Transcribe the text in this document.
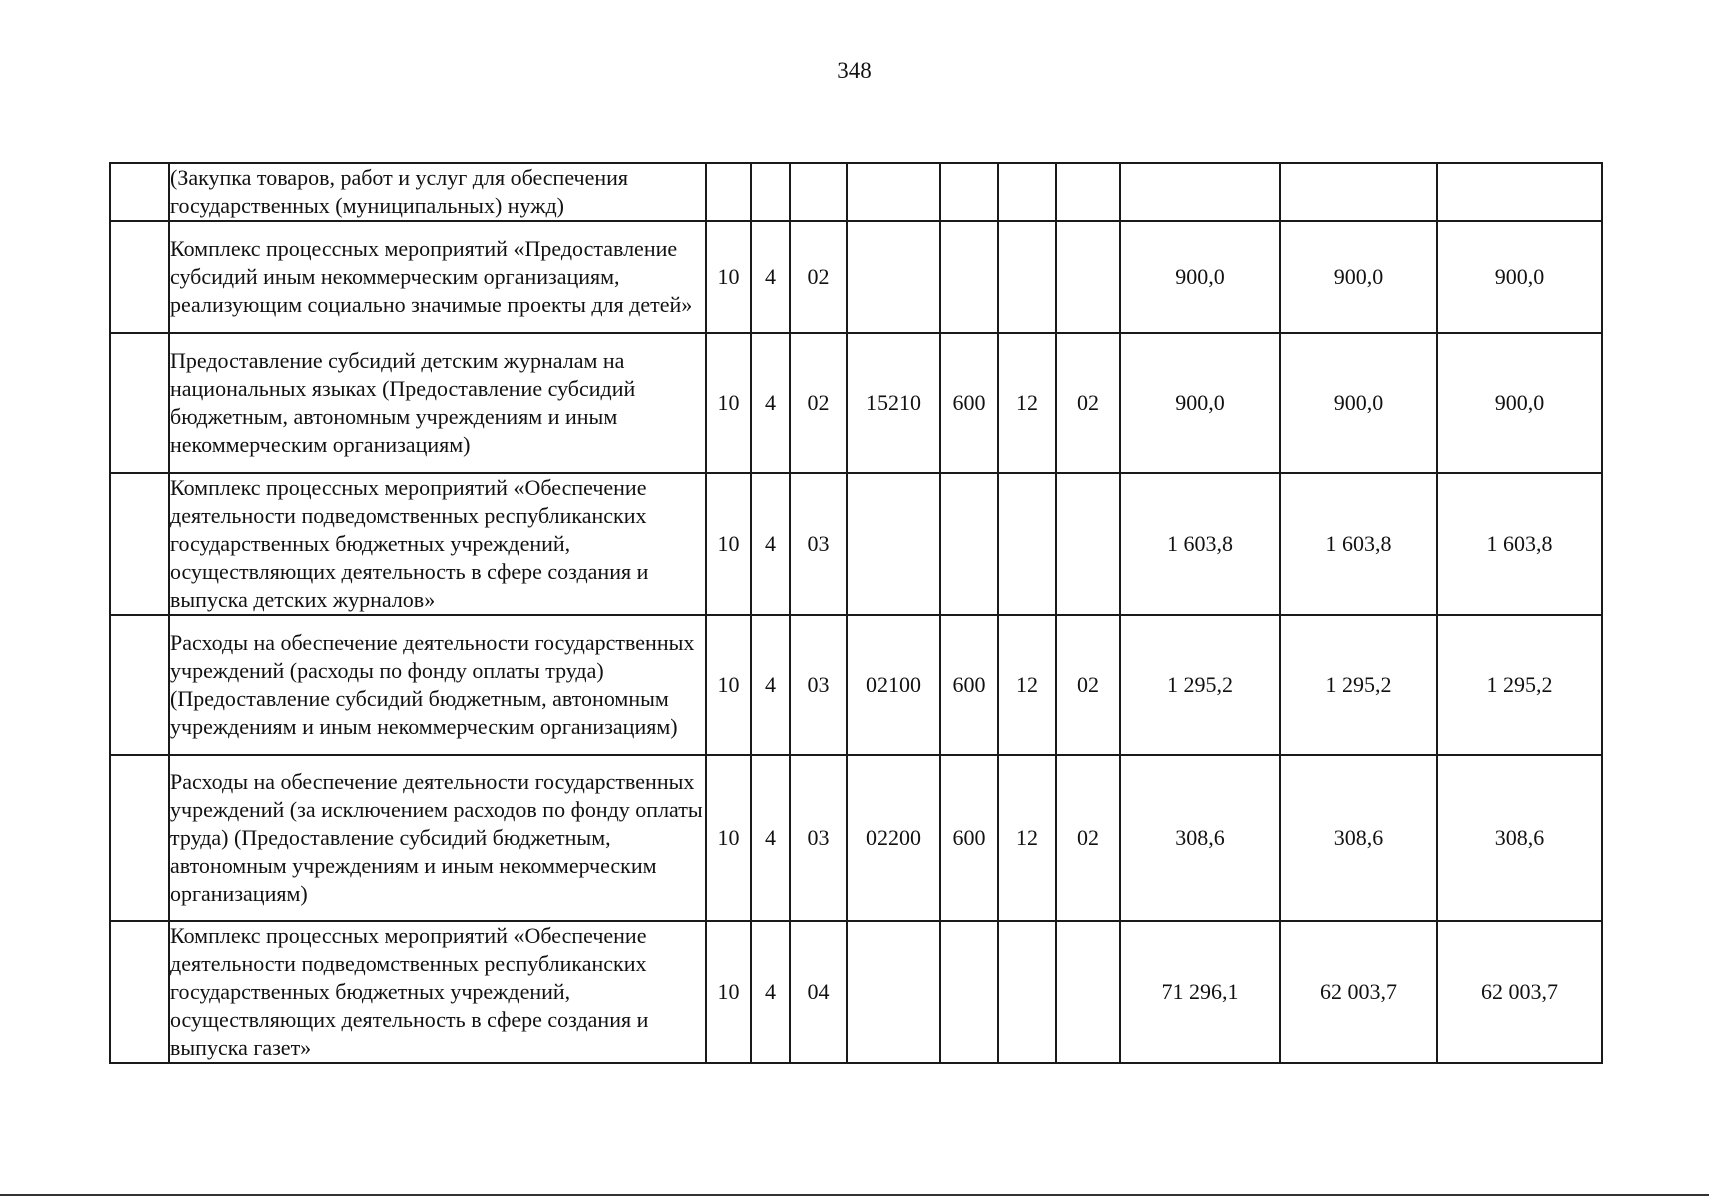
348
	(Закупка товаров, работ и услуг для обеспечения государственных (муниципальных) нужд)										
	Комплекс процессных мероприятий «Предоставление субсидий иным некоммерческим организациям, реализующим социально значимые проекты для детей»	10	4	02					900,0	900,0	900,0
	Предоставление субсидий детским журналам на национальных языках (Предоставление субсидий бюджетным, автономным учреждениям и иным некоммерческим организациям)	10	4	02	15210	600	12	02	900,0	900,0	900,0
	Комплекс процессных мероприятий «Обеспечение деятельности подведомственных республиканских государственных бюджетных учреждений, осуществляющих деятельность в сфере создания и выпуска детских журналов»	10	4	03					1 603,8	1 603,8	1 603,8
	Расходы на обеспечение деятельности государственных учреждений (расходы по фонду оплаты труда) (Предоставление субсидий бюджетным, автономным учреждениям и иным некоммерческим организациям)	10	4	03	02100	600	12	02	1 295,2	1 295,2	1 295,2
	Расходы на обеспечение деятельности государственных учреждений (за исключением расходов по фонду оплаты труда) (Предоставление субсидий бюджетным, автономным учреждениям и иным некоммерческим организациям)	10	4	03	02200	600	12	02	308,6	308,6	308,6
	Комплекс процессных мероприятий «Обеспечение деятельности подведомственных республиканских государственных бюджетных учреждений, осуществляющих деятельность в сфере создания и выпуска газет»	10	4	04					71 296,1	62 003,7	62 003,7
